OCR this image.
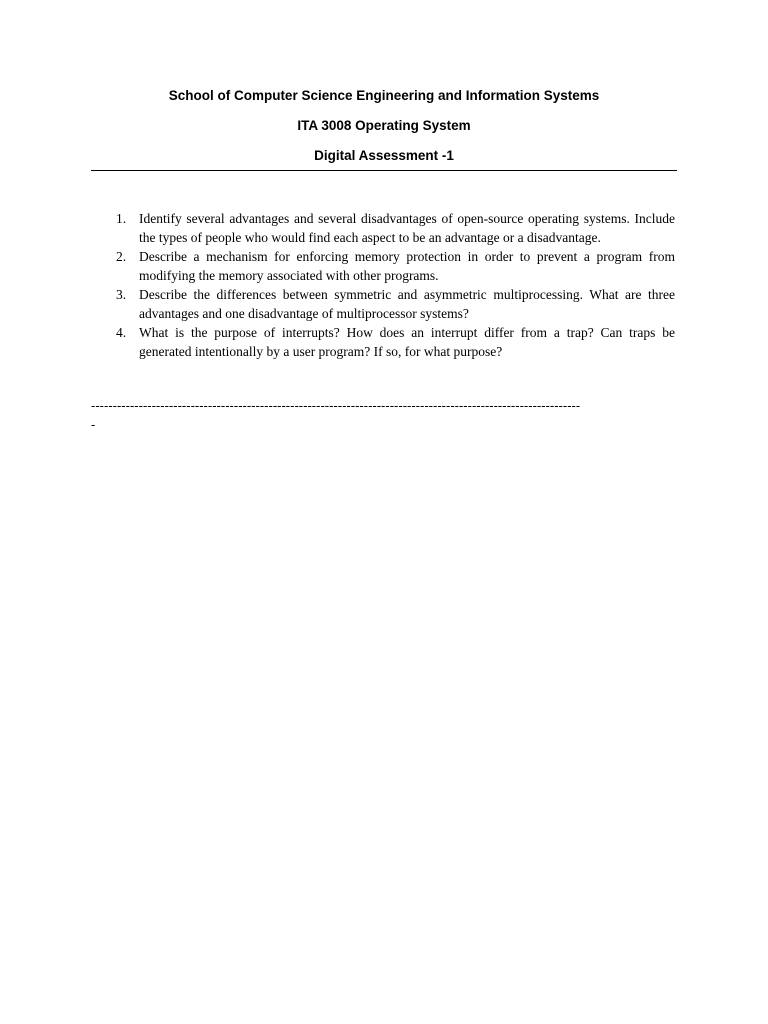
School of Computer Science Engineering and Information Systems
ITA 3008 Operating System
Digital Assessment -1
1. Identify several advantages and several disadvantages of open-source operating systems. Include the types of people who would find each aspect to be an advantage or a disadvantage.
2. Describe a mechanism for enforcing memory protection in order to prevent a program from modifying the memory associated with other programs.
3. Describe the differences between symmetric and asymmetric multiprocessing. What are three advantages and one disadvantage of multiprocessor systems?
4. What is the purpose of interrupts? How does an interrupt differ from a trap? Can traps be generated intentionally by a user program? If so, for what purpose?
-----------------------------------------------------------------------------------------------------------------
-
